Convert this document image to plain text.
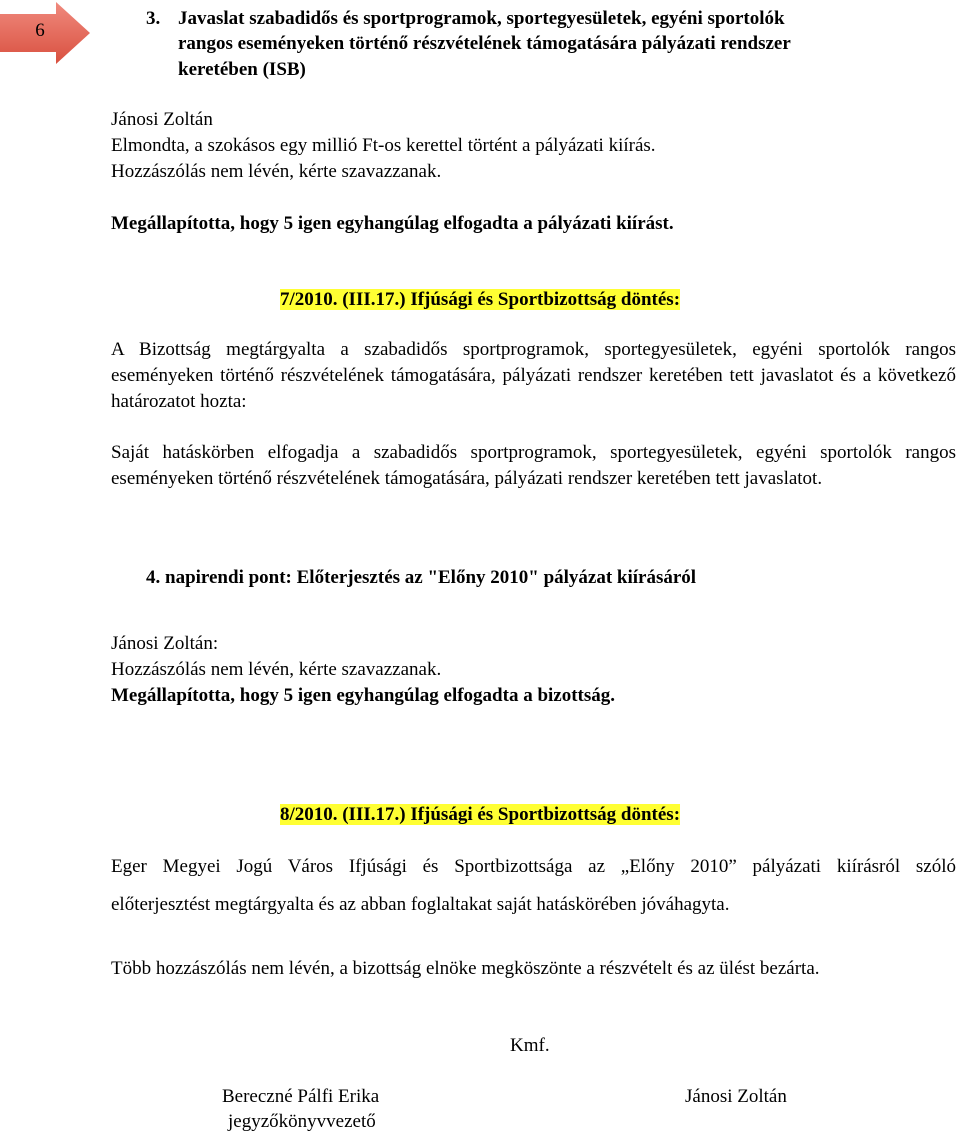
6
3. Javaslat szabadidős és sportprogramok, sportegyesületek, egyéni sportolók
rangos eseményeken történő részvételének támogatására pályázati rendszer
keretében (ISB)
Jánosi Zoltán
Elmondta, a szokásos egy millió Ft-os kerettel történt a pályázati kiírás.
Hozzászólás nem lévén, kérte szavazzanak.
Megállapította, hogy 5 igen egyhangúlag elfogadta a pályázati kiírást.
7/2010. (III.17.) Ifjúsági és Sportbizottság döntés:
A Bizottság megtárgyalta a szabadidős sportprogramok, sportegyesületek, egyéni sportolók rangos eseményeken történő részvételének támogatására, pályázati rendszer keretében tett javaslatot és a következő határozatot hozta:
Saját hatáskörben elfogadja a szabadidős sportprogramok, sportegyesületek, egyéni sportolók rangos eseményeken történő részvételének támogatására, pályázati rendszer keretében tett javaslatot.
4. napirendi pont: Előterjesztés az "Előny 2010" pályázat kiírásáról
Jánosi Zoltán:
Hozzászólás nem lévén, kérte szavazzanak.
Megállapította, hogy 5 igen egyhangúlag elfogadta a bizottság.
8/2010. (III.17.) Ifjúsági és Sportbizottság döntés:
Eger Megyei Jogú Város Ifjúsági és Sportbizottsága az „Előny 2010” pályázati kiírásról szóló
előterjesztést megtárgyalta és az abban foglaltakat saját hatáskörében jóváhagyta.
Több hozzászólás nem lévén, a bizottság elnöke megköszönte a részvételt és az ülést bezárta.
Kmf.
Bereczné Pálfi Erika
jegyzőkönyvvezető
Jánosi Zoltán
